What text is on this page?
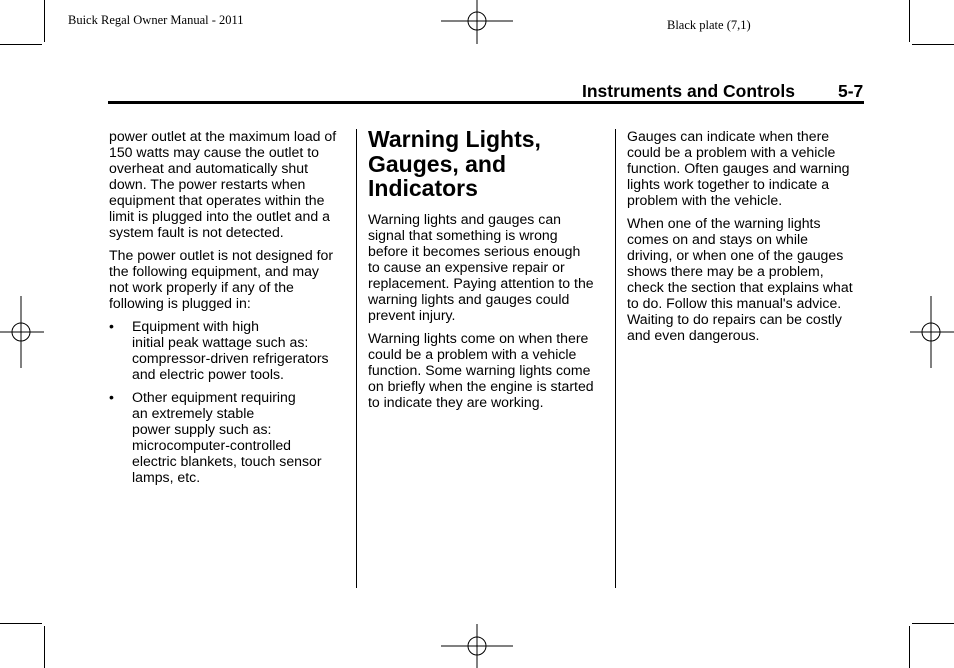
Buick Regal Owner Manual - 2011	Black plate (7,1)
Instruments and Controls 5-7

power outlet at the maximum load of
150 watts may cause the outlet to
overheat and automatically shut
down. The power restarts when
equipment that operates within the
limit is plugged into the outlet and a
system fault is not detected.

The power outlet is not designed for
the following equipment, and may
not work properly if any of the
following is plugged in:

• Equipment with high
initial peak wattage such as:
compressor-driven refrigerators
and electric power tools.
• Other equipment requiring
an extremely stable
power supply such as:
microcomputer-controlled
electric blankets, touch sensor
lamps, etc.
Warning Lights,
Gauges, and
Indicators

Warning lights and gauges can
signal that something is wrong
before it becomes serious enough
to cause an expensive repair or
replacement. Paying attention to the
warning lights and gauges could
prevent injury.

Warning lights come on when there
could be a problem with a vehicle
function. Some warning lights come
on briefly when the engine is started
to indicate they are working.

Gauges can indicate when there
could be a problem with a vehicle
function. Often gauges and warning
lights work together to indicate a
problem with the vehicle.

When one of the warning lights
comes on and stays on while
driving, or when one of the gauges
shows there may be a problem,
check the section that explains what
to do. Follow this manual's advice.
Waiting to do repairs can be costly
and even dangerous.
